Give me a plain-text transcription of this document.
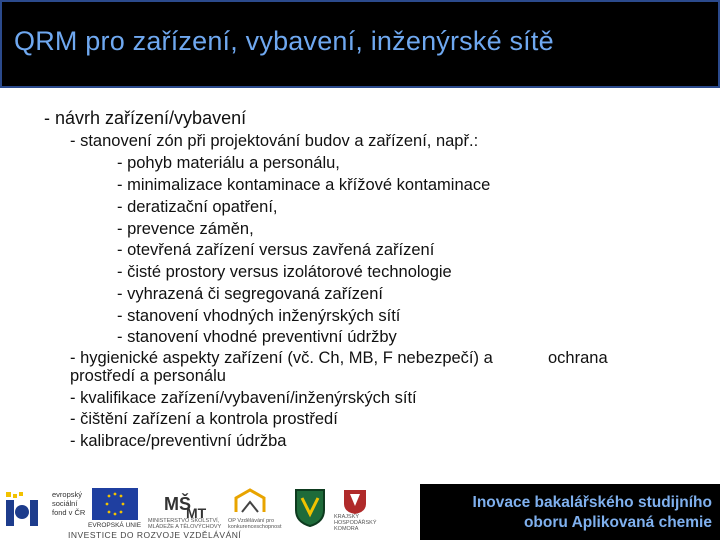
QRM pro zařízení, vybavení, inženýrské sítě
- návrh zařízení/vybavení
- stanovení zón při projektování budov a zařízení, např.:
- pohyb materiálu a personálu,
- minimalizace kontaminace a křížové kontaminace
- deratizační opatření,
- prevence záměn,
- otevřená zařízení versus zavřená zařízení
- čisté prostory versus izolátorové technologie
- vyhrazená či segregovaná zařízení
- stanovení vhodných inženýrských sítí
- stanovení vhodné preventivní údržby
- hygienické aspekty zařízení (vč. Ch, MB, F nebezpečí) a	ochrana
prostředí a personálu
- kvalifikace zařízení/vybavení/inženýrských sítí
- čištění zařízení a kontrola prostředí
- kalibrace/preventivní údržba
evropský sociální fond v ČR
EVROPSKÁ UNIE
MŠ
MT
MINISTERSTVO ŠKOLSTVÍ, MLÁDEŽE A TĚLOVÝCHOVY
OP Vzdělávání pro konkurenceschopnost
KRAJSKÝ HOSPODÁŘSKÝ KOMORA
INVESTICE DO ROZVOJE VZDĚLÁVÁNÍ
Inovace bakalářského studijního
oboru Aplikovaná chemie
